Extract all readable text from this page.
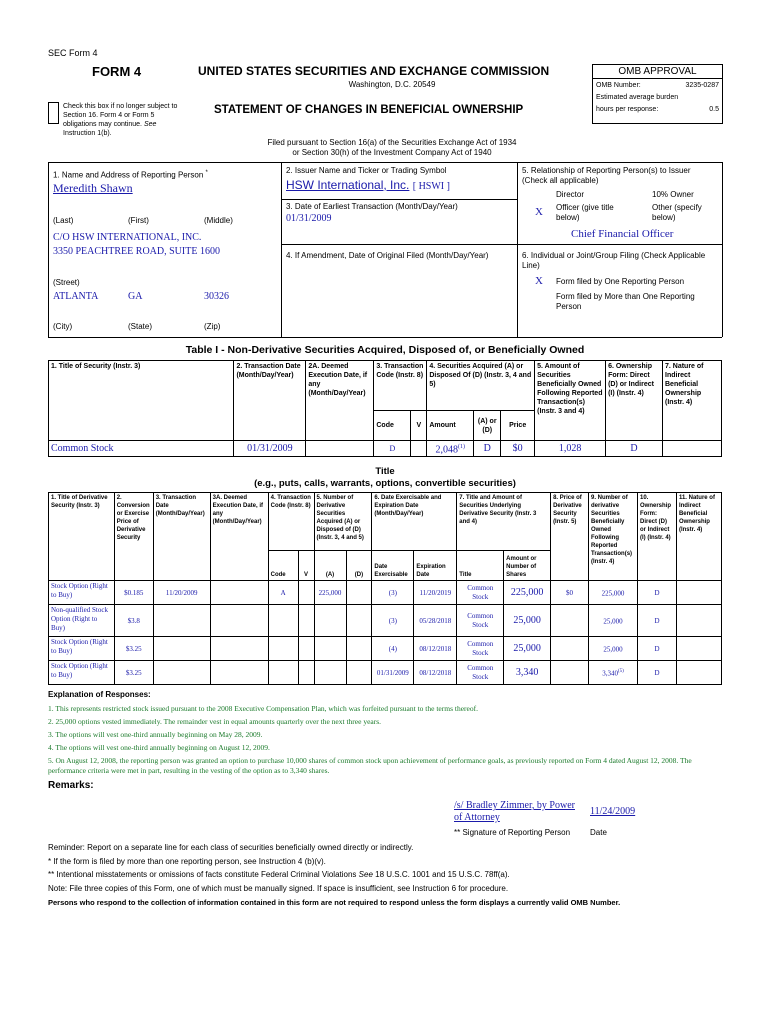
SEC Form 4
FORM 4	UNITED STATES SECURITIES AND EXCHANGE COMMISSION
Washington, D.C. 20549
STATEMENT OF CHANGES IN BENEFICIAL OWNERSHIP
Check this box if no longer subject to Section 16. Form 4 or Form 5 obligations may continue. See Instruction 1(b).
OMB APPROVAL
OMB Number:	3235-0287
Estimated average burden
hours per response:	0.5
Filed pursuant to Section 16(a) of the Securities Exchange Act of 1934
or Section 30(h) of the Investment Company Act of 1940
1. Name and Address of Reporting Person *
Meredith Shawn
(Last)	(First)	(Middle)
C/O HSW INTERNATIONAL, INC.
3350 PEACHTREE ROAD, SUITE 1600
(Street)
ATLANTA	GA	30326
(City)	(State)	(Zip)
2. Issuer Name and Ticker or Trading Symbol
HSW International, Inc. [ HSWI ]
3. Date of Earliest Transaction (Month/Day/Year)
01/31/2009
4. If Amendment, Date of Original Filed (Month/Day/Year)
5. Relationship of Reporting Person(s) to Issuer (Check all applicable)
Director	10% Owner
X Officer (give title below)
Other (specify below)
Chief Financial Officer
6. Individual or Joint/Group Filing (Check Applicable Line)
X Form filed by One Reporting Person
Form filed by More than One Reporting Person
Table I - Non-Derivative Securities Acquired, Disposed of, or Beneficially Owned
1. Title of Security (Instr. 3)	2. Transaction Date (Month/Day/Year)	2A. Deemed Execution Date, if any (Month/Day/Year)	3. Transaction Code (Instr. 8)		4. Securities Acquired (A) or Disposed Of (D) (Instr. 3, 4 and 5)			5. Amount of Securities Beneficially Owned Following Reported Transaction(s) (Instr. 3 and 4)	6. Ownership Form: Direct (D) or Indirect (I) (Instr. 4)	7. Nature of Indirect Beneficial Ownership (Instr. 4)
			Code	V	Amount	(A) or (D)	Price			
Common Stock	01/31/2009		D		2,048$^{(1)}$	D	$0	1,028	D	
Title
(e.g., puts, calls, warrants, options, convertible securities)
1. Title of Derivative Security (Instr. 3)	2. Conversion or Exercise Price of Derivative Security	3. Transaction Date (Month/Day/Year)	3A. Deemed Execution Date, if any (Month/Day/Year)	4. Transaction Code (Instr. 8)		5. Number of Derivative Securities Acquired (A) or Disposed of (D) (Instr. 3, 4 and 5)		6. Date Exercisable and Expiration Date (Month/Day/Year)		7. Title and Amount of Securities Underlying Derivative Security (Instr. 3 and 4)		8. Price of Derivative Security (Instr. 5)	9. Number of derivative Securities Beneficially Owned Following Reported Transaction(s) (Instr. 4)	10. Ownership Form: Direct (D) or Indirect (I) (Instr. 4)	11. Nature of Indirect Beneficial Ownership (Instr. 4)
				Code	V	(A)	(D)	Date Exercisable	Expiration Date	Title	Amount or Number of Shares				
Stock Option (Right to Buy)	$0.185	11/20/2009		A		225,000		(3)	11/20/2019	Common Stock	225,000	$0	225,000	D	
Non-qualified Stock Option (Right to Buy)	$3.8							(3)	05/28/2018	Common Stock	25,000		25,000	D	
Stock Option (Right to Buy)	$3.25							(4)	08/12/2018	Common Stock	25,000		25,000	D	
Stock Option (Right to Buy)	$3.25							01/31/2009	08/12/2018	Common Stock	3,340		3,340$^{(5)}$	D	
Explanation of Responses:
1. This represents restricted stock issued pursuant to the 2008 Executive Compensation Plan, which was forfeited pursuant to the terms thereof.
2. 25,000 options vested immediately. The remainder vest in equal amounts quarterly over the next three years.
3. The options will vest one-third annually beginning on May 28, 2009.
4. The options will vest one-third annually beginning on August 12, 2009.
5. On August 12, 2008, the reporting person was granted an option to purchase 10,000 shares of common stock upon achievement of performance goals, as previously reported on Form 4 dated August 12, 2008. The performance criteria were met in part, resulting in the vesting of the option as to 3,340 shares.
Remarks:
/s/ Bradley Zimmer, by Power of Attorney
11/24/2009
** Signature of Reporting Person Date
Reminder: Report on a separate line for each class of securities beneficially owned directly or indirectly.
* If the form is filed by more than one reporting person, see Instruction 4 (b)(v).
** Intentional misstatements or omissions of facts constitute Federal Criminal Violations See 18 U.S.C. 1001 and 15 U.S.C. 78ff(a).
Note: File three copies of this Form, one of which must be manually signed. If space is insufficient, see Instruction 6 for procedure.
Persons who respond to the collection of information contained in this form are not required to respond unless the form displays a currently valid OMB Number.
